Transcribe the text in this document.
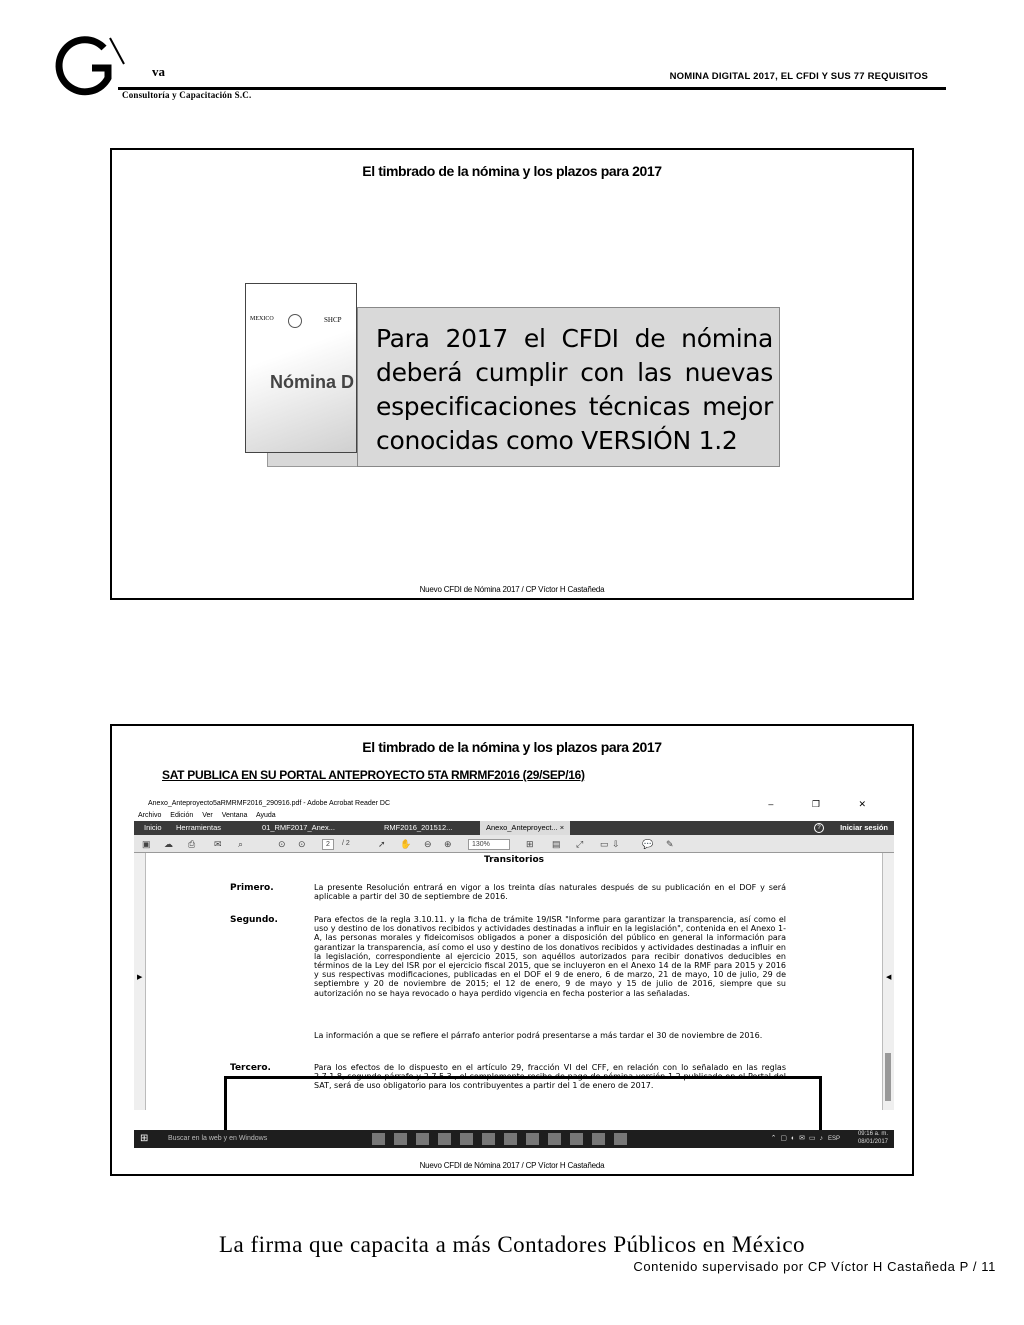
va
Consultoría y Capacitación S.C.
NOMINA DIGITAL 2017, EL CFDI Y SUS 77 REQUISITOS
El timbrado de la nómina y los plazos para 2017
MEXICO	SHCP
Nómina D

Para 2017 el CFDI de nómina deberá cumplir con las nuevas especificaciones técnicas mejor conocidas como VERSIÓN 1.2

Nuevo CFDI de Nómina 2017 / CP Víctor H Castañeda
El timbrado de la nómina y los plazos para 2017
SAT PUBLICA EN SU PORTAL ANTEPROYECTO 5TA RMRMF2016 (29/SEP/16)
Anexo_Anteproyecto5aRMRMF2016_290916.pdf - Adobe Acrobat Reader DC	– ❐ ✕
Archivo Edición Ver Ventana Ayuda
Inicio	Herramientas	01_RMF2017_Anex...	RMF2016_201512...	Anexo_Anteproyect... ×	?	Iniciar sesión
▣ ☁ ⎙ ✉ ⌕	⊙ ⊙	2	/ 2	➚ ✋ ⊖ ⊕	130%	⊞ ▤ ⤢ ▭ ⇩ 💬 ✎
▶	◀
Transitorios
Primero.	La presente Resolución entrará en vigor a los treinta días naturales después de su publicación en el DOF y será aplicable a partir del 30 de septiembre de 2016.

Segundo.	Para efectos de la regla 3.10.11. y la ficha de trámite 19/ISR "Informe para garantizar la transparencia, así como el uso y destino de los donativos recibidos y actividades destinadas a influir en la legislación", contenida en el Anexo 1-A, las personas morales y fideicomisos obligados a poner a disposición del público en general la información para garantizar la transparencia, así como el uso y destino de los donativos recibidos y actividades destinadas a influir en la legislación, correspondiente al ejercicio 2015, son aquéllos autorizados para recibir donativos deducibles en términos de la Ley del ISR por el ejercicio fiscal 2015, que se incluyeron en el Anexo 14 de la RMF para 2015 y 2016 y sus respectivas modificaciones, publicadas en el DOF el 9 de enero, 6 de marzo, 21 de mayo, 10 de julio, 29 de septiembre y 20 de noviembre de 2015; el 12 de enero, 9 de mayo y 15 de julio de 2016, siempre que su autorización no se haya revocado o haya perdido vigencia en fecha posterior a las señaladas.

La información a que se refiere el párrafo anterior podrá presentarse a más tardar el 30 de noviembre de 2016.

Tercero.	Para los efectos de lo dispuesto en el artículo 29, fracción VI del CFF, en relación con lo señalado en las reglas 2.7.1.8, segundo párrafo y 2.7.5.3., el complemento recibo de pago de nómina versión 1.2 publicado en el Portal del SAT, será de uso obligatorio para los contribuyentes a partir del 1 de enero de 2017.

⊞	Buscar en la web y en Windows	⌃ ▢ ◐ ✉ ▭ ♪ ESP
09:16 a. m.
08/01/2017
Nuevo CFDI de Nómina 2017 / CP Víctor H Castañeda
La firma que capacita a más Contadores Públicos en México
Contenido supervisado por CP Víctor H Castañeda P / 11
